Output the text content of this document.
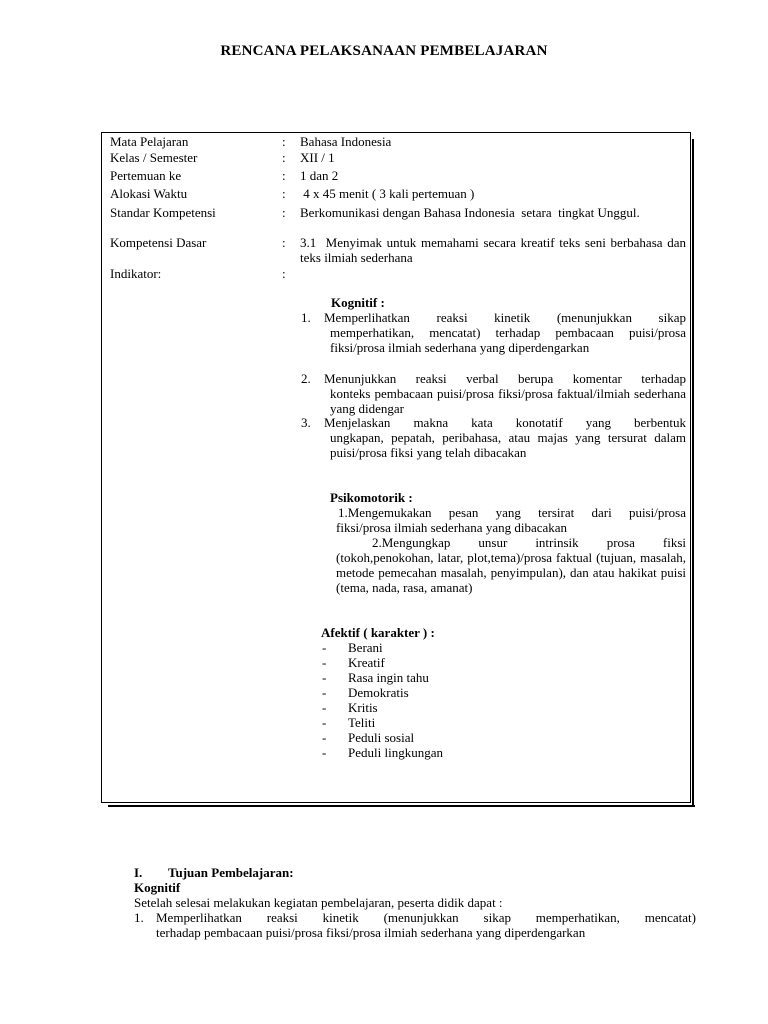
RENCANA PELAKSANAAN PEMBELAJARAN
Mata Pelajaran	: Bahasa Indonesia
Kelas / Semester	: XII / 1
Pertemuan ke	: 1 dan 2
Alokasi Waktu	: 4 x 45 menit ( 3 kali pertemuan )
Standar Kompetensi	: Berkomunikasi dengan Bahasa Indonesia  setara  tingkat Unggul.
Kompetensi Dasar	: 3.1  Menyimak untuk memahami secara kreatif teks seni berbahasa dan teks ilmiah sederhana
Indikator:	:
Kognitif :
1. Memperlihatkan reaksi kinetik (menunjukkan sikap
memperhatikan, mencatat) terhadap pembacaan puisi/prosa fiksi/prosa ilmiah sederhana yang diperdengarkan
2. Menunjukkan reaksi verbal berupa komentar terhadap
konteks pembacaan puisi/prosa fiksi/prosa faktual/ilmiah sederhana yang didengar
3. Menjelaskan makna kata konotatif yang berbentuk
ungkapan, pepatah, peribahasa, atau majas yang tersurat dalam puisi/prosa fiksi yang telah dibacakan
Psikomotorik :
1.Mengemukakan pesan yang tersirat dari puisi/prosa
fiksi/prosa ilmiah sederhana yang dibacakan
2.Mengungkap unsur intrinsik prosa fiksi
(tokoh,penokohan, latar, plot,tema)/prosa faktual (tujuan, masalah, metode pemecahan masalah, penyimpulan), dan atau hakikat puisi (tema, nada, rasa, amanat)
Afektif ( karakter ) :
- Berani
- Kreatif
- Rasa ingin tahu
- Demokratis
- Kritis
- Teliti
- Peduli sosial
- Peduli lingkungan
I. Tujuan Pembelajaran:
Kognitif
Setelah selesai melakukan kegiatan pembelajaran, peserta didik dapat :
1. Memperlihatkan reaksi kinetik (menunjukkan sikap memperhatikan, mencatat)
terhadap pembacaan puisi/prosa fiksi/prosa ilmiah sederhana yang diperdengarkan
